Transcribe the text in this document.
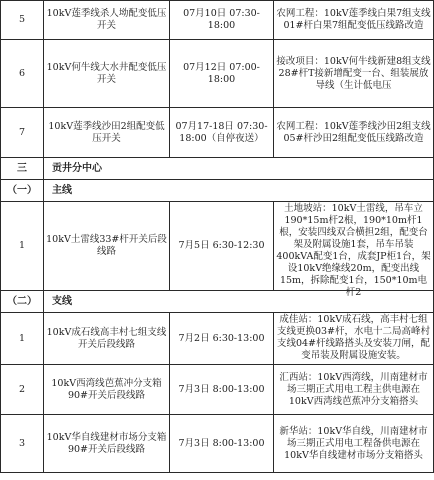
5	10kV莲季线杀人坳配变低压开关	07月10日 07:30-18:00	农网工程：10kV莲季线白果7组支线01#杆白果7组配变低压线路改造
6	10kV何牛线大水井配变低压开关	07月12日 07:00-18:00	接改项目：10kV何牛线新建8组支线28#杆T接新增配变一台、组装展放导线（生计低电压
7	10kV莲季线沙田2组配变低压开关	07月17-18日 07:30-18:00（自停夜送）	农网工程：10kV莲季线沙田2组支线05#杆沙田2组配变低压线路改造
三	贡井分中心		
（一）	主线		
1	10kV土雷线33#杆开关后段线路	7月5日 6:30-12:30	土地坡站：10kV土雷线，吊车立190*15m杆2根，190*10m杆1根，安装四线双合横担2组，配变台架及附属设施1套，吊车吊装400kVA配变1台，成套JP柜1台，架设10kV绝缘线20m，配变出线15m，拆除配变1台，150*10m电杆2

（二）	支线		
1	10kV成石线高丰村七组支线开关后段线路	7月2日 6:30-13:00	成佳站：10kV成石线，高丰村七组支线更换03#杆，水电十二局高峰村支线04#杆线路搭头及安装刀闸，配变吊装及附属设施安装。

2	10kV西湾线芭蕉冲分支箱90#开关后段线路	7月3日 8:00-13:00	汇西站：10kV西湾线，川南建材市场三期正式用电工程主供电源在10kV西湾线芭蕉冲分支箱搭头
3	10kV华自线建材市场分支箱90#开关后段线路	7月3日 8:00-13:00	新华站：10kV华自线，川南建材市场三期正式用电工程备供电源在10kV华自线建材市场分支箱搭头
